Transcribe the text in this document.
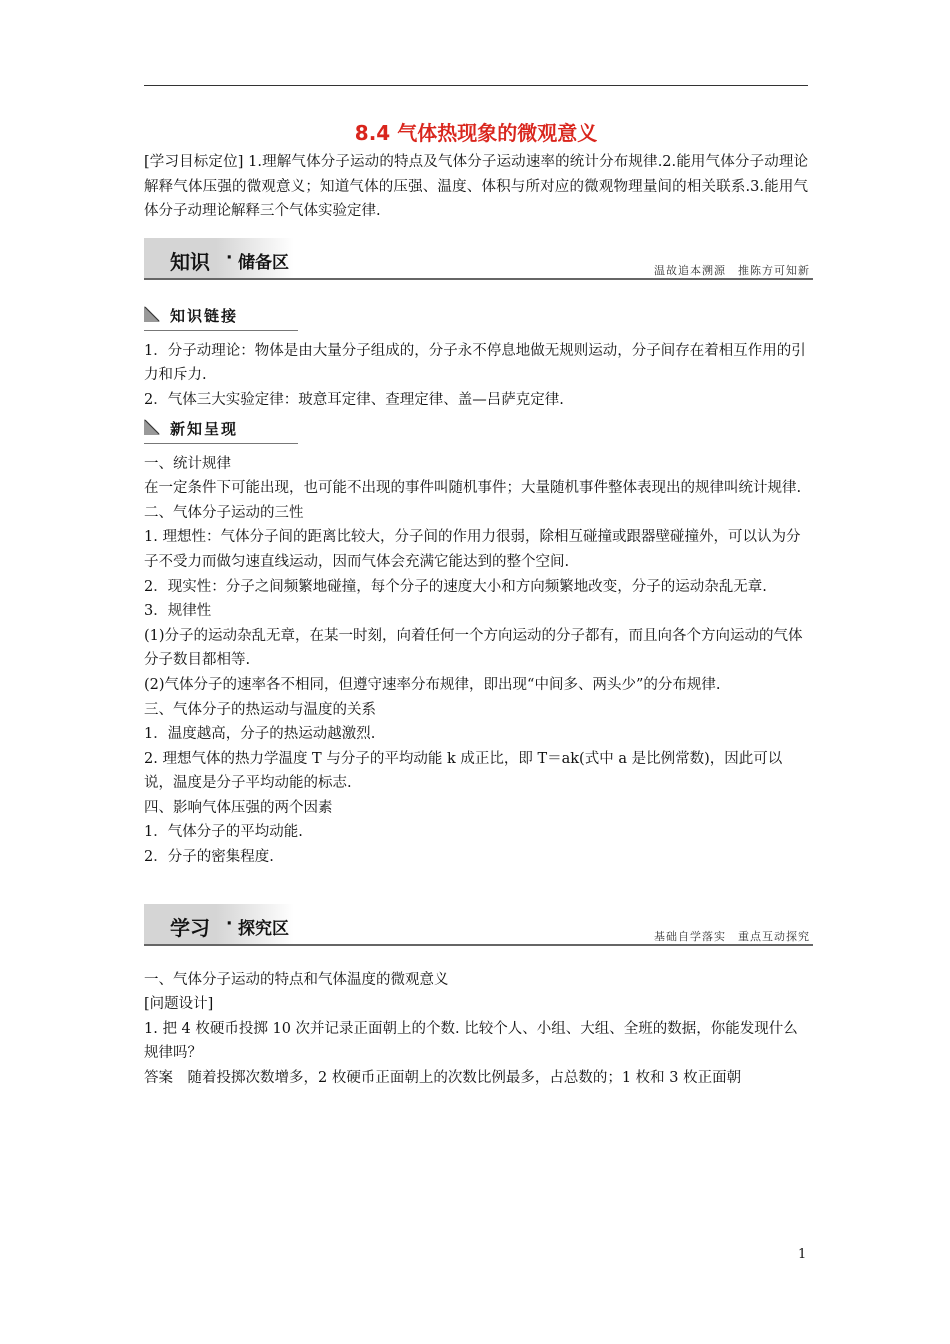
8.4 气体热现象的微观意义

[学习目标定位] 1.理解气体分子运动的特点及气体分子运动速率的统计分布规律.2.能用气体分子动理论解释气体压强的微观意义；知道气体的压强、温度、体积与所对应的微观物理量间的相关联系.3.能用气体分子动理论解释三个气体实验定律.

知识 · 储备区	温故追本溯源　推陈方可知新
知识链接

1．分子动理论：物体是由大量分子组成的，分子永不停息地做无规则运动，分子间存在着相互作用的引力和斥力.

2．气体三大实验定律：玻意耳定律、查理定律、盖—吕萨克定律.

新知呈现

一、统计规律

在一定条件下可能出现，也可能不出现的事件叫随机事件；大量随机事件整体表现出的规律叫统计规律.

二、气体分子运动的三性

1. 理想性：气体分子间的距离比较大，分子间的作用力很弱，除相互碰撞或跟器壁碰撞外，可以认为分子不受力而做匀速直线运动，因而气体会充满它能达到的整个空间.

2．现实性：分子之间频繁地碰撞，每个分子的速度大小和方向频繁地改变，分子的运动杂乱无章.

3．规律性

(1)分子的运动杂乱无章，在某一时刻，向着任何一个方向运动的分子都有，而且向各个方向运动的气体分子数目都相等.

(2)气体分子的速率各不相同，但遵守速率分布规律，即出现“中间多、两头少”的分布规律.

三、气体分子的热运动与温度的关系

1．温度越高，分子的热运动越激烈.

2. 理想气体的热力学温度 T 与分子的平均动能 k 成正比，即 T＝ak(式中 a 是比例常数)，因此可以说，温度是分子平均动能的标志.

四、影响气体压强的两个因素

1．气体分子的平均动能.

2．分子的密集程度.

学习 · 探究区	基础自学落实　重点互动探究

一、气体分子运动的特点和气体温度的微观意义

[问题设计]

1. 把 4 枚硬币投掷 10 次并记录正面朝上的个数. 比较个人、小组、大组、全班的数据，你能发现什么规律吗？

答案　随着投掷次数增多，2 枚硬币正面朝上的次数比例最多，占总数的；1 枚和 3 枚正面朝

1
